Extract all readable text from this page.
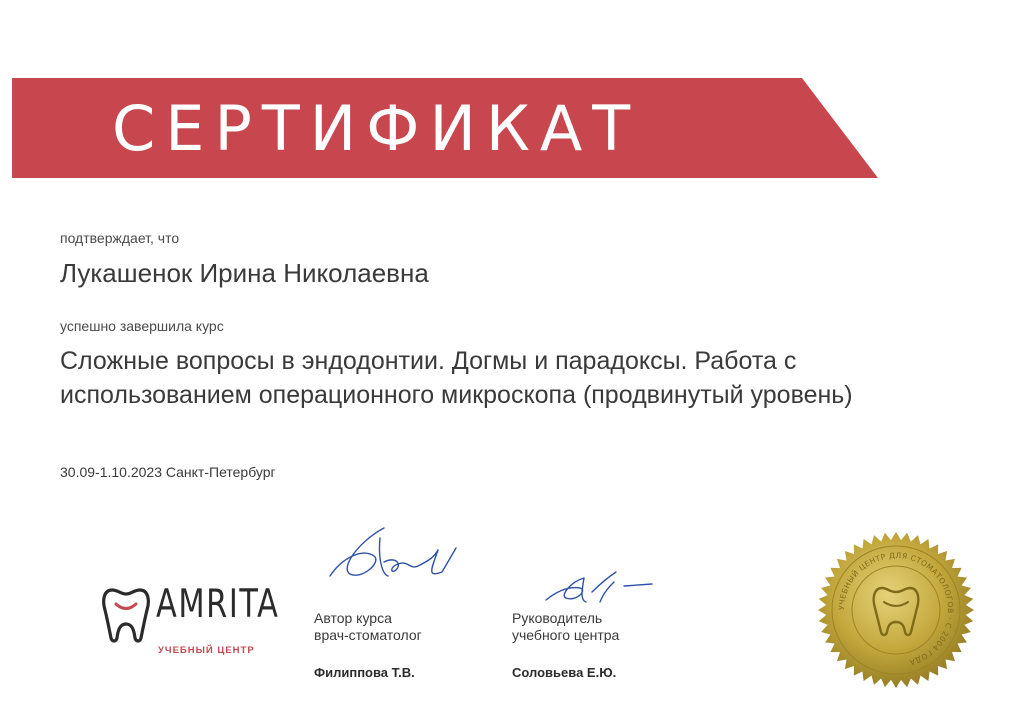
СЕРТИФИКАТ
подтверждает, что
Лукашенок Ирина Николаевна
успешно завершила курс
Сложные вопросы в эндодонтии. Догмы и парадоксы. Работа с
использованием операционного микроскопа (продвинутый уровень)
30.09-1.10.2023 Санкт-Петербург
AMRITA
УЧЕБНЫЙ ЦЕНТР
Автор курса
врач-стоматолог
Филиппова Т.В.
Руководитель
учебного центра
Соловьева Е.Ю.
УЧЕБНЫЙ ЦЕНТР ДЛЯ СТОМАТОЛОГОВ · С 2004 ГОДА
